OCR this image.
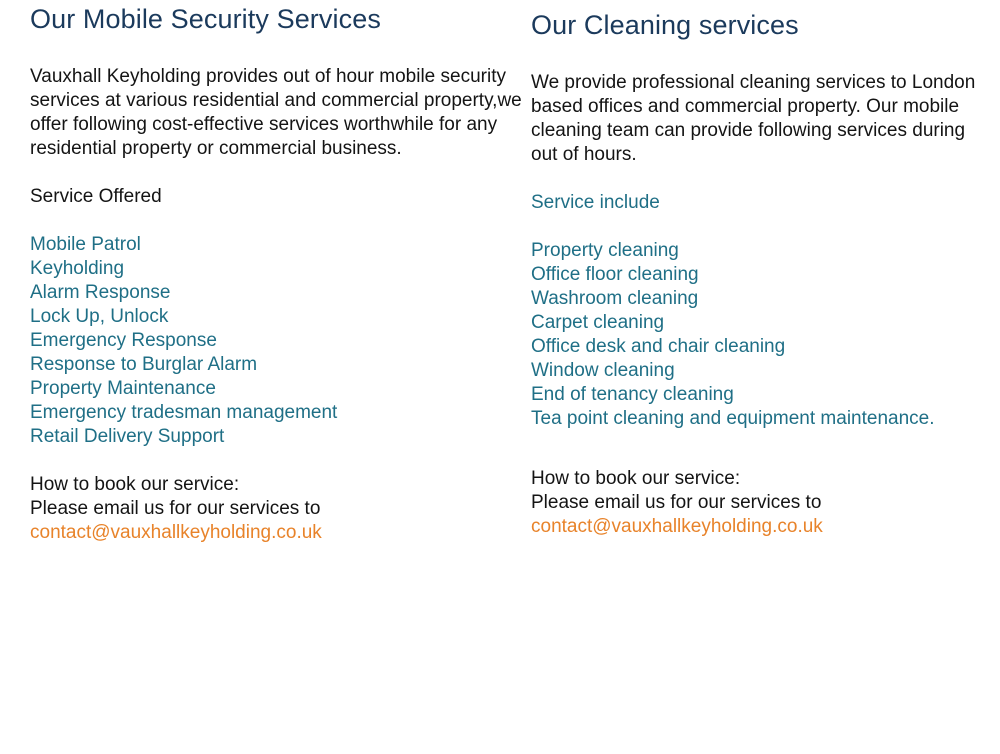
Our Mobile Security Services

Vauxhall Keyholding provides out of hour mobile security services at various residential and commercial property,we offer following cost-effective services worthwhile for any residential property or commercial business.

Service Offered

Mobile Patrol
Keyholding
Alarm Response
Lock Up, Unlock
Emergency Response
Response to Burglar Alarm
Property Maintenance
Emergency tradesman management
Retail Delivery Support
How to book our service:
Please email us for our services to
contact@vauxhallkeyholding.co.uk
Our Cleaning services

We provide professional cleaning services to London based offices and commercial property. Our mobile cleaning team can provide following services during out of hours.

Service include

Property cleaning
Office floor cleaning
Washroom cleaning
Carpet cleaning
Office desk and chair cleaning
Window cleaning
End of tenancy cleaning
Tea point cleaning and equipment maintenance.
How to book our service:
Please email us for our services to
contact@vauxhallkeyholding.co.uk
